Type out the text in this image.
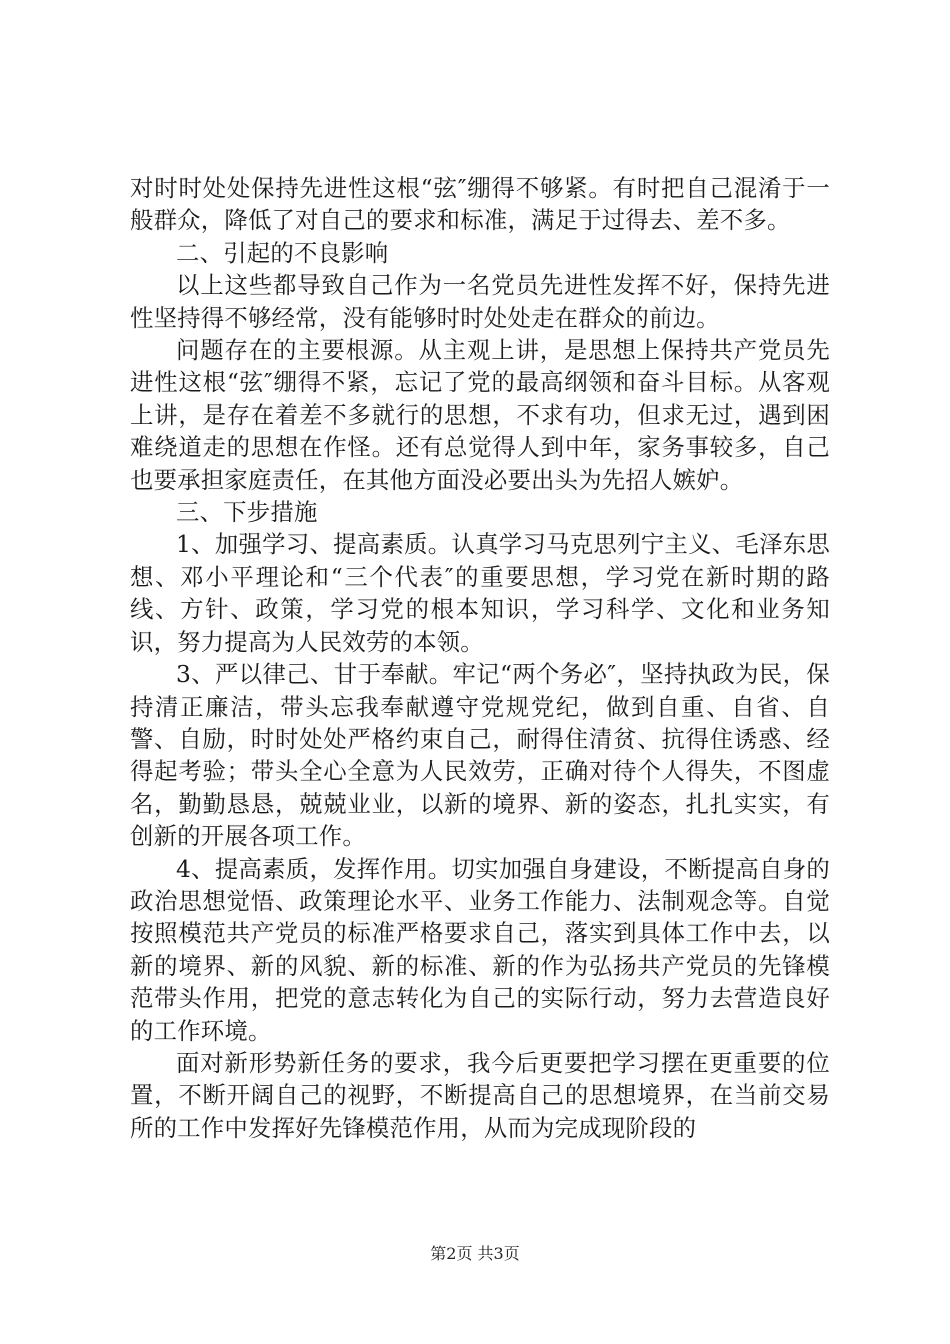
对时时处处保持先进性这根“弦″绷得不够紧。有时把自己混淆于一般群众，降低了对自己的要求和标准，满足于过得去、差不多。

二、引起的不良影响

以上这些都导致自己作为一名党员先进性发挥不好，保持先进性坚持得不够经常，没有能够时时处处走在群众的前边。

问题存在的主要根源。从主观上讲，是思想上保持共产党员先进性这根“弦″绷得不紧，忘记了党的最高纲领和奋斗目标。从客观上讲，是存在着差不多就行的思想，不求有功，但求无过，遇到困难绕道走的思想在作怪。还有总觉得人到中年，家务事较多，自己也要承担家庭责任，在其他方面没必要出头为先招人嫉妒。

三、下步措施

1、加强学习、提高素质。认真学习马克思列宁主义、毛泽东思想、邓小平理论和“三个代表″的重要思想，学习党在新时期的路线、方针、政策，学习党的根本知识，学习科学、文化和业务知识，努力提高为人民效劳的本领。

3、严以律己、甘于奉献。牢记“两个务必″，坚持执政为民，保持清正廉洁，带头忘我奉献遵守党规党纪，做到自重、自省、自警、自励，时时处处严格约束自己，耐得住清贫、抗得住诱惑、经得起考验；带头全心全意为人民效劳，正确对待个人得失，不图虚名，勤勤恳恳，兢兢业业，以新的境界、新的姿态，扎扎实实，有创新的开展各项工作。

4、提高素质，发挥作用。切实加强自身建设，不断提高自身的政治思想觉悟、政策理论水平、业务工作能力、法制观念等。自觉按照模范共产党员的标准严格要求自己，落实到具体工作中去，以新的境界、新的风貌、新的标准、新的作为弘扬共产党员的先锋模范带头作用，把党的意志转化为自己的实际行动，努力去营造良好的工作环境。

面对新形势新任务的要求，我今后更要把学习摆在更重要的位置，不断开阔自己的视野，不断提高自己的思想境界，在当前交易所的工作中发挥好先锋模范作用，从而为完成现阶段的

第2页 共3页
